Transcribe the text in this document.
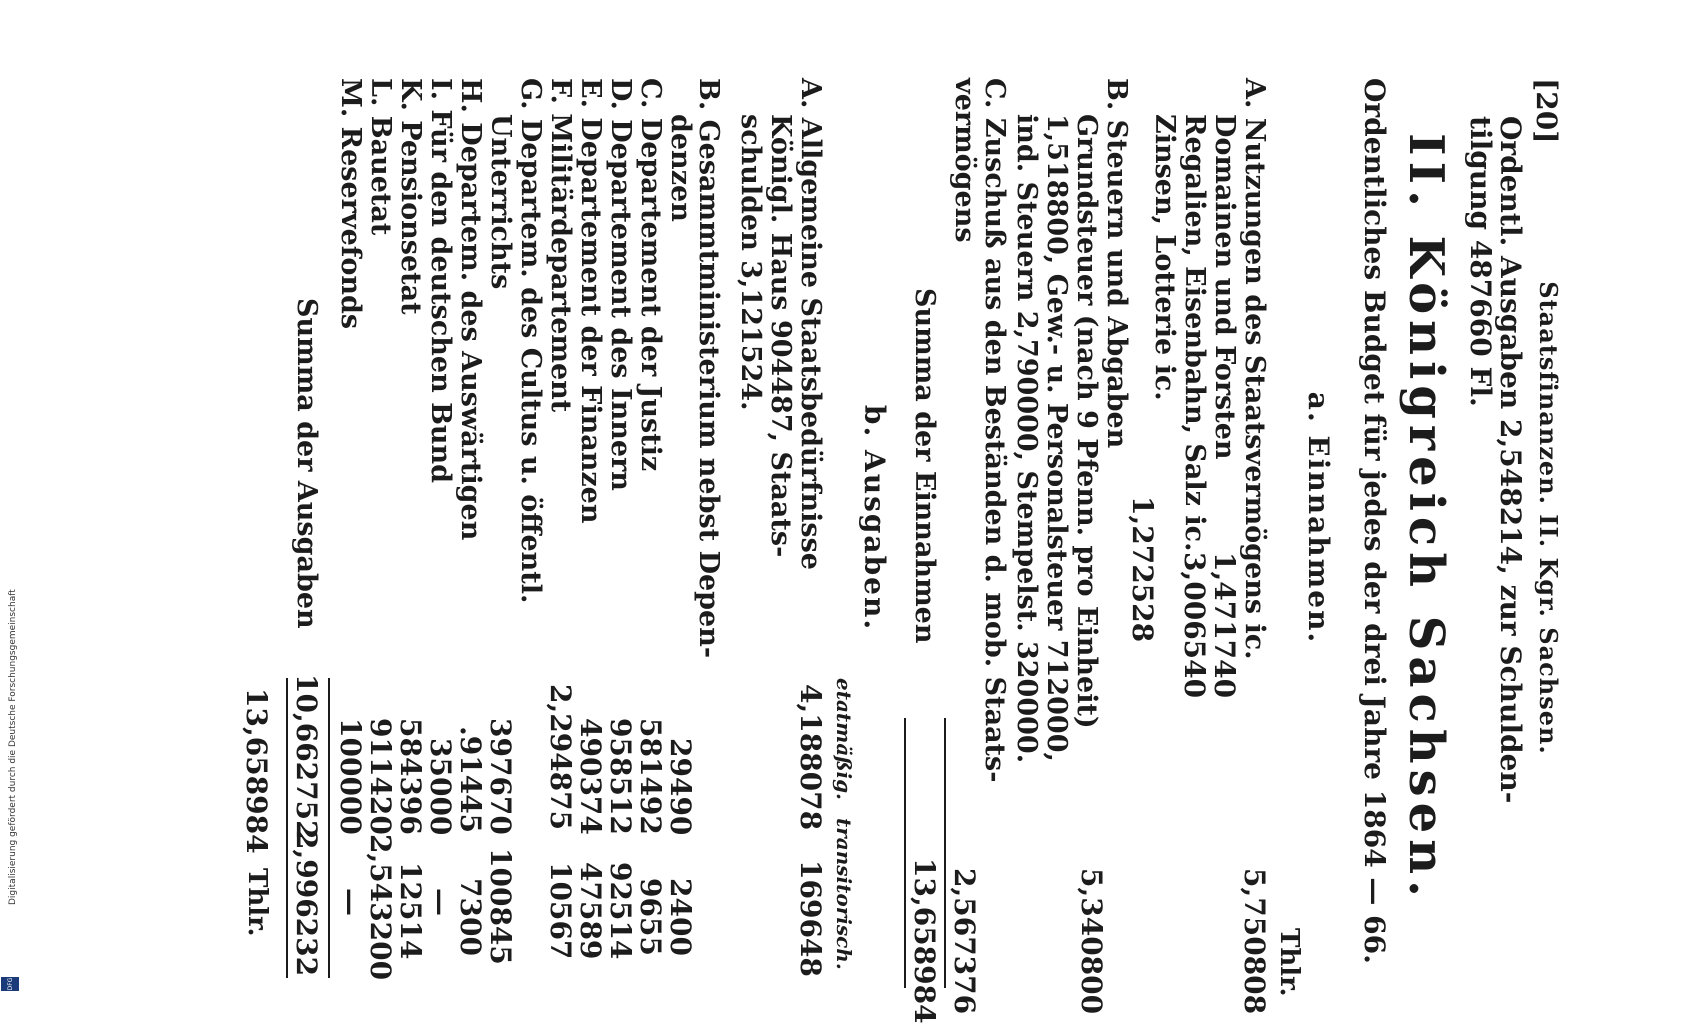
[20]
Staatsfinanzen. II. Kgr. Sachsen.
Ordentl. Ausgaben 2,548214, zur Schulden-
tilgung 487660 Fl.
II. Königreich Sachsen.
Ordentliches Budget für jedes der drei Jahre 1864 — 66.
a. Einnahmen.
Thlr.
A. Nutzungen des Staatsvermögens ic.
5,750808
Domainen und Forsten
1,471740
Regalien, Eisenbahn, Salz ic.
3,006540
Zinsen, Lotterie ic.
1,272528
B. Steuern und Abgaben
5,340800
Grundsteuer (nach 9 Pfenn. pro Einheit)
1,518800, Gew.- u. Personalsteuer 712000,
ind. Steuern 2,790000, Stempelst. 320000.
C. Zuschuß aus den Beständen d. mob. Staats-
vermögens
2,567376
Summa der Einnahmen
13,658984
b. Ausgaben.
etatmäßig.
transitorisch.
A. Allgemeine Staatsbedürfnisse
Königl. Haus 904487, Staats-
schulden 3,121524.
4,188078
169648
B. Gesammtministerium nebst Depen-
denzen
29490
2400
C. Departement der Justiz
581492
9655
D. Departement des Innern
958512
92514
E. Departement der Finanzen
490374
47589
F. Militärdepartement
2,294875
10567
G. Departem. des Cultus u. öffentl.
Unterrichts
397670
100845
H. Departem. des Auswärtigen
.91445
7300
I. Für den deutschen Bund
35000
—
K. Pensionsetat
584396
12514
L. Bauetat
911420
2,543200
M. Reservefonds
100000
—
Summa der Ausgaben
10,662752
2,996232
13,658984
Thlr.
Digitalisierung gefördert durch die Deutsche Forschungsgemeinschaft
DFG
